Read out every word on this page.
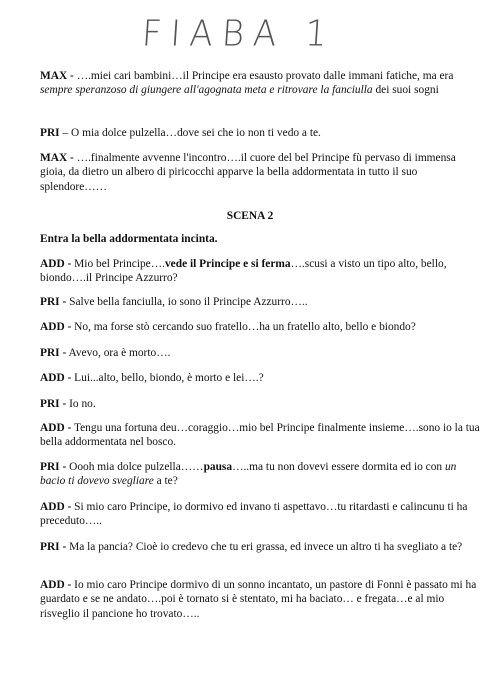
FIABA 1

MAX - ….miei cari bambini…il Principe era esausto provato dalle immani fatiche, ma era sempre speranzoso di giungere all'agognata meta e ritrovare la fanciulla dei suoi sogni

PRI – O mia dolce pulzella…dove sei che io non ti vedo a te.

MAX - ….finalmente avvenne l'incontro….il cuore del bel Principe fù pervaso di immensa gioia, da dietro un albero di piricocchi apparve la bella addormentata in tutto il suo splendore……

SCENA 2

Entra la bella addormentata incinta.

ADD - Mio bel Principe….vede il Principe e si ferma….scusi a visto un tipo alto, bello, biondo….il Principe Azzurro?

PRI - Salve bella fanciulla, io sono il Principe Azzurro…..

ADD - No, ma forse stò cercando suo fratello…ha un fratello alto, bello e biondo?

PRI - Avevo, ora è morto….

ADD - Lui...alto, bello, biondo, è morto e lei….?

PRI - Io no.

ADD - Tengu una fortuna deu…coraggio…mio bel Principe finalmente insieme….sono io la tua bella addormentata nel bosco.

PRI - Oooh mia dolce pulzella……pausa…..ma tu non dovevi essere dormita ed io con un bacio ti dovevo svegliare a te?

ADD - Si mio caro Principe, io dormivo ed invano ti aspettavo…tu ritardasti e calincunu ti ha preceduto…..

PRI - Ma la pancia? Cioè io credevo che tu eri grassa, ed invece un altro ti ha svegliato a te?

ADD - Io mio caro Principe dormivo di un sonno incantato, un pastore di Fonni è passato mi ha guardato e se ne andato….poi è tornato si è stentato, mi ha baciato… e fregata…e al mio risveglio il pancione ho trovato…..
